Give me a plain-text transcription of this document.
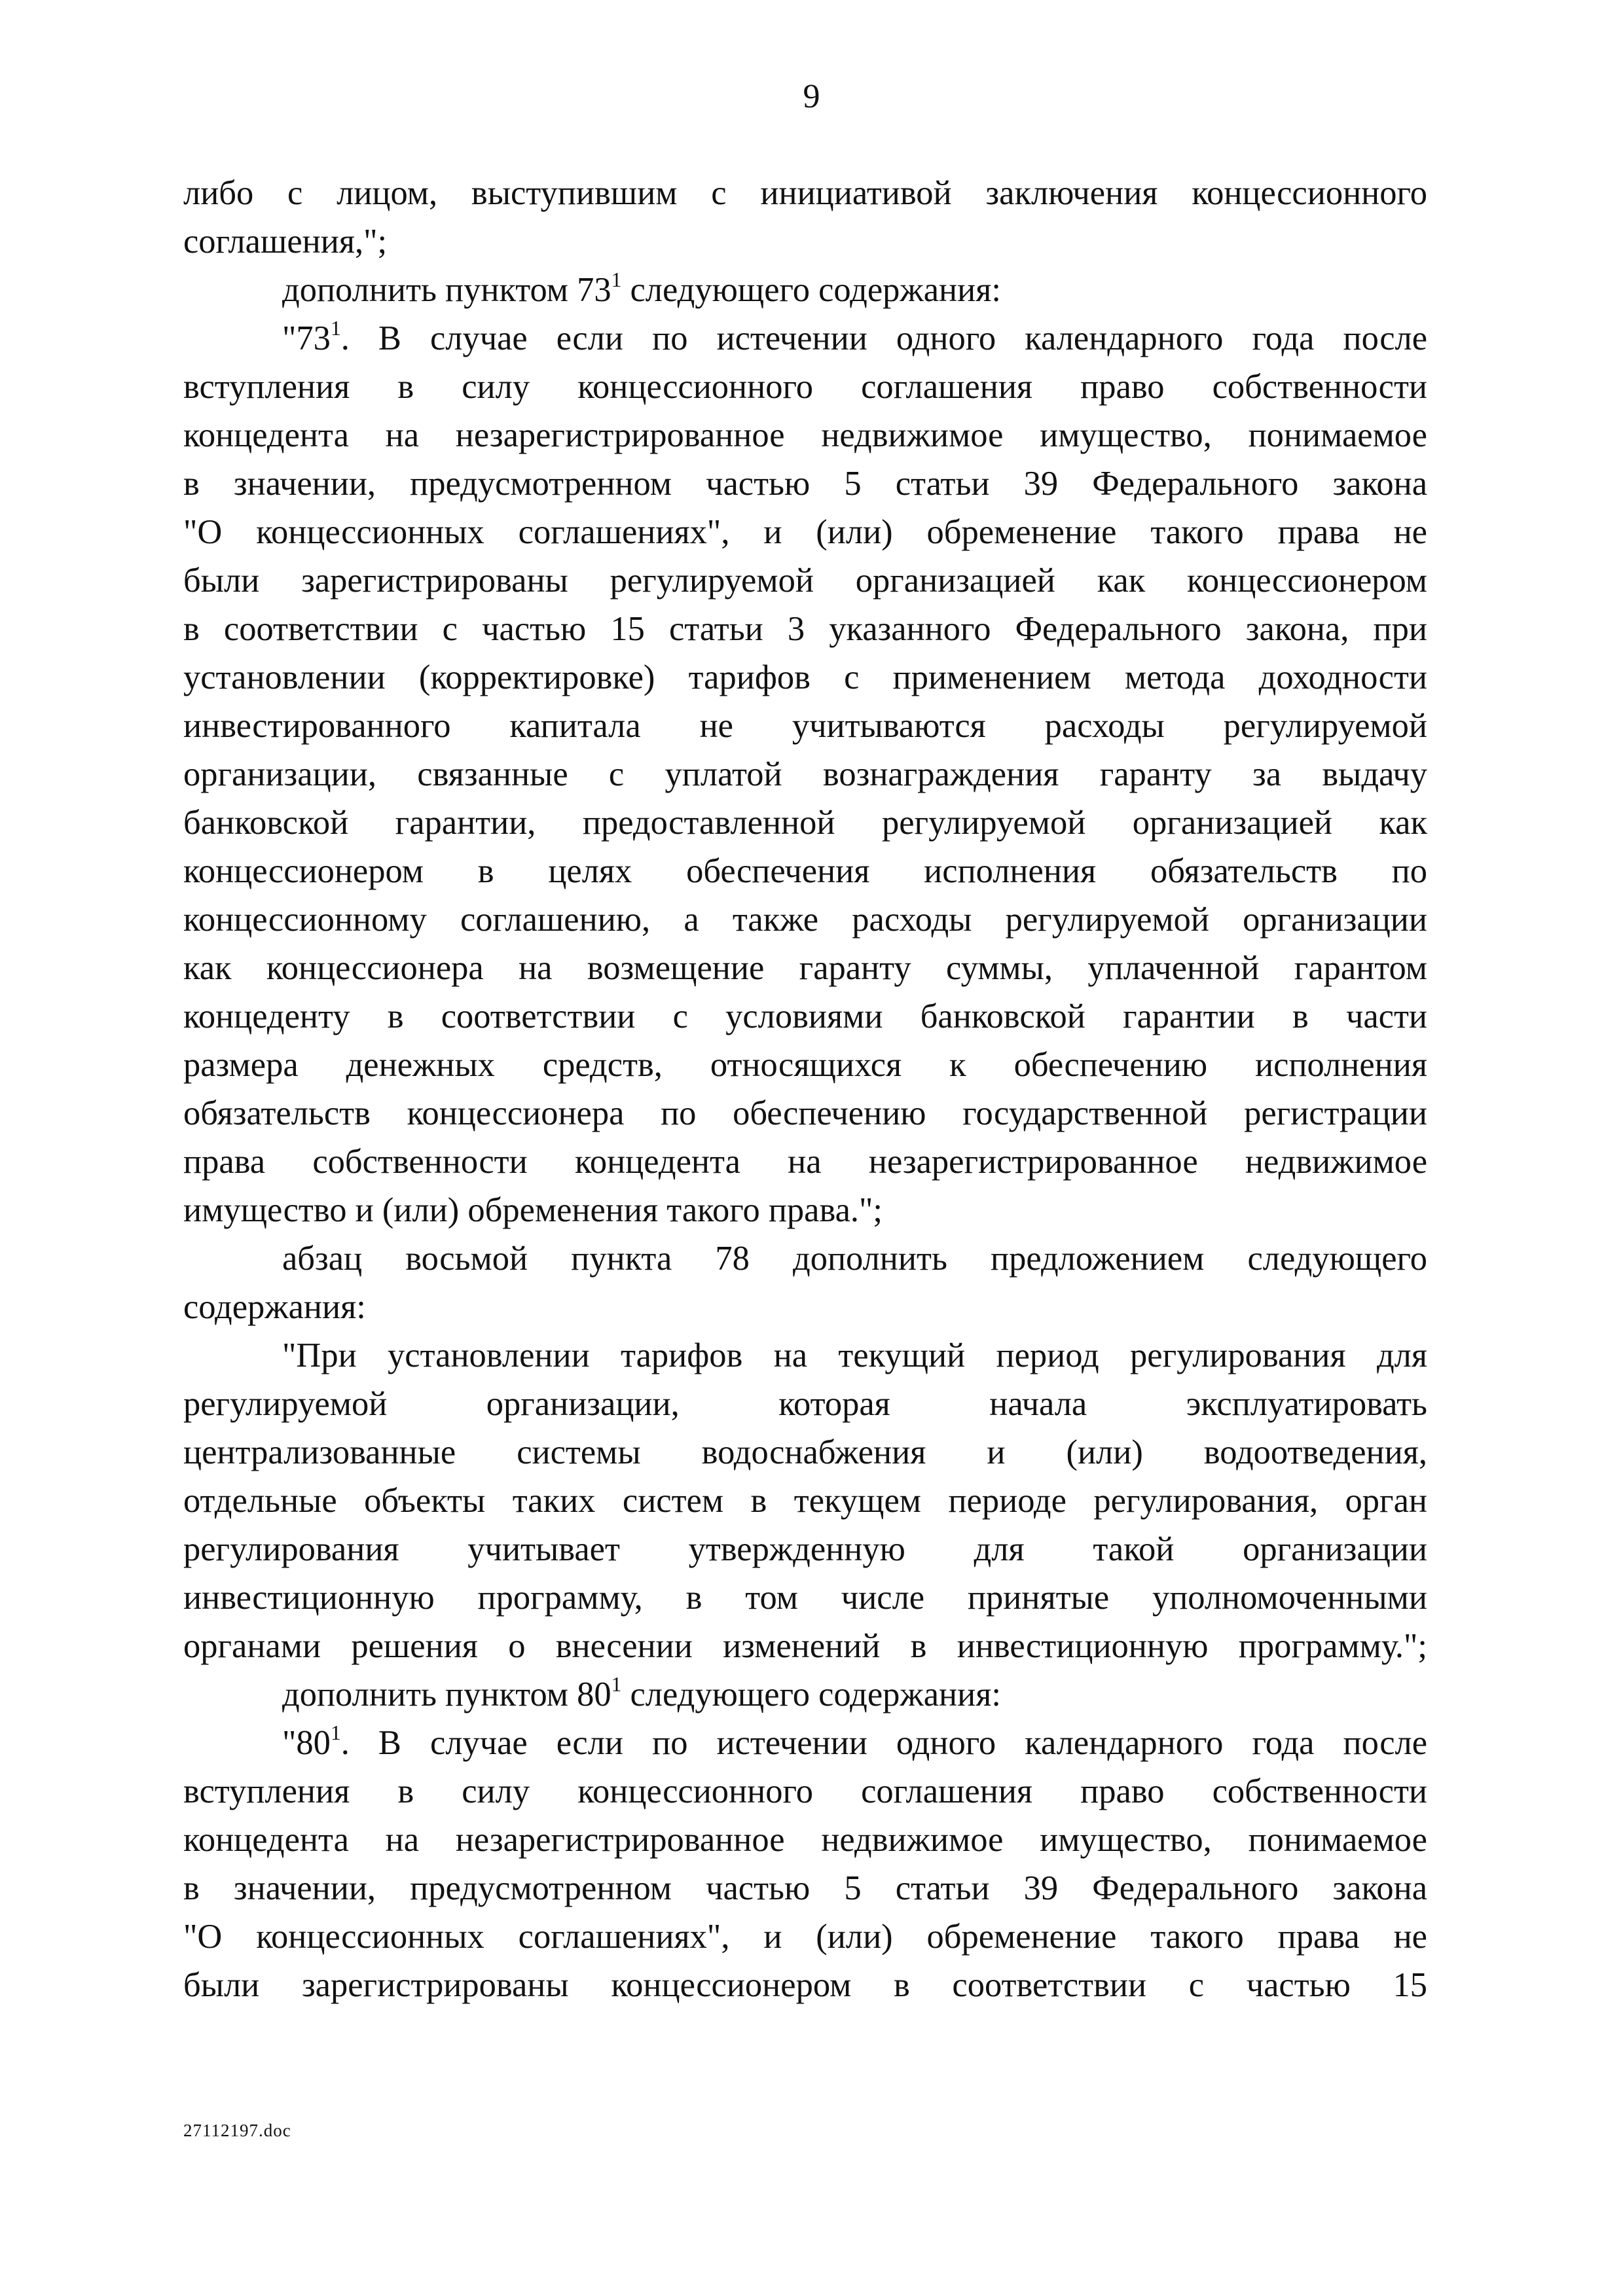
9
либо с лицом, выступившим с инициативой заключения концессионного
соглашения,";
дополнить пунктом $73^1$ следующего содержания:
"$73^1$. В случае если по истечении одного календарного года после
вступления в силу концессионного соглашения право собственности
концедента на незарегистрированное недвижимое имущество, понимаемое
в значении, предусмотренном частью 5 статьи 39 Федерального закона
"О концессионных соглашениях", и (или) обременение такого права не
были зарегистрированы регулируемой организацией как концессионером
в соответствии с частью 15 статьи 3 указанного Федерального закона, при
установлении (корректировке) тарифов с применением метода доходности
инвестированного капитала не учитываются расходы регулируемой
организации, связанные с уплатой вознаграждения гаранту за выдачу
банковской гарантии, предоставленной регулируемой организацией как
концессионером в целях обеспечения исполнения обязательств по
концессионному соглашению, а также расходы регулируемой организации
как концессионера на возмещение гаранту суммы, уплаченной гарантом
концеденту в соответствии с условиями банковской гарантии в части
размера денежных средств, относящихся к обеспечению исполнения
обязательств концессионера по обеспечению государственной регистрации
права собственности концедента на незарегистрированное недвижимое
имущество и (или) обременения такого права.";
абзац восьмой пункта 78 дополнить предложением следующего
содержания:
"При установлении тарифов на текущий период регулирования для
регулируемой организации, которая начала эксплуатировать
централизованные системы водоснабжения и (или) водоотведения,
отдельные объекты таких систем в текущем периоде регулирования, орган
регулирования учитывает утвержденную для такой организации
инвестиционную программу, в том числе принятые уполномоченными
органами решения о внесении изменений в инвестиционную программу.";
дополнить пунктом $80^1$ следующего содержания:
"$80^1$. В случае если по истечении одного календарного года после
вступления в силу концессионного соглашения право собственности
концедента на незарегистрированное недвижимое имущество, понимаемое
в значении, предусмотренном частью 5 статьи 39 Федерального закона
"О концессионных соглашениях", и (или) обременение такого права не
были зарегистрированы концессионером в соответствии с частью 15
27112197.doc
